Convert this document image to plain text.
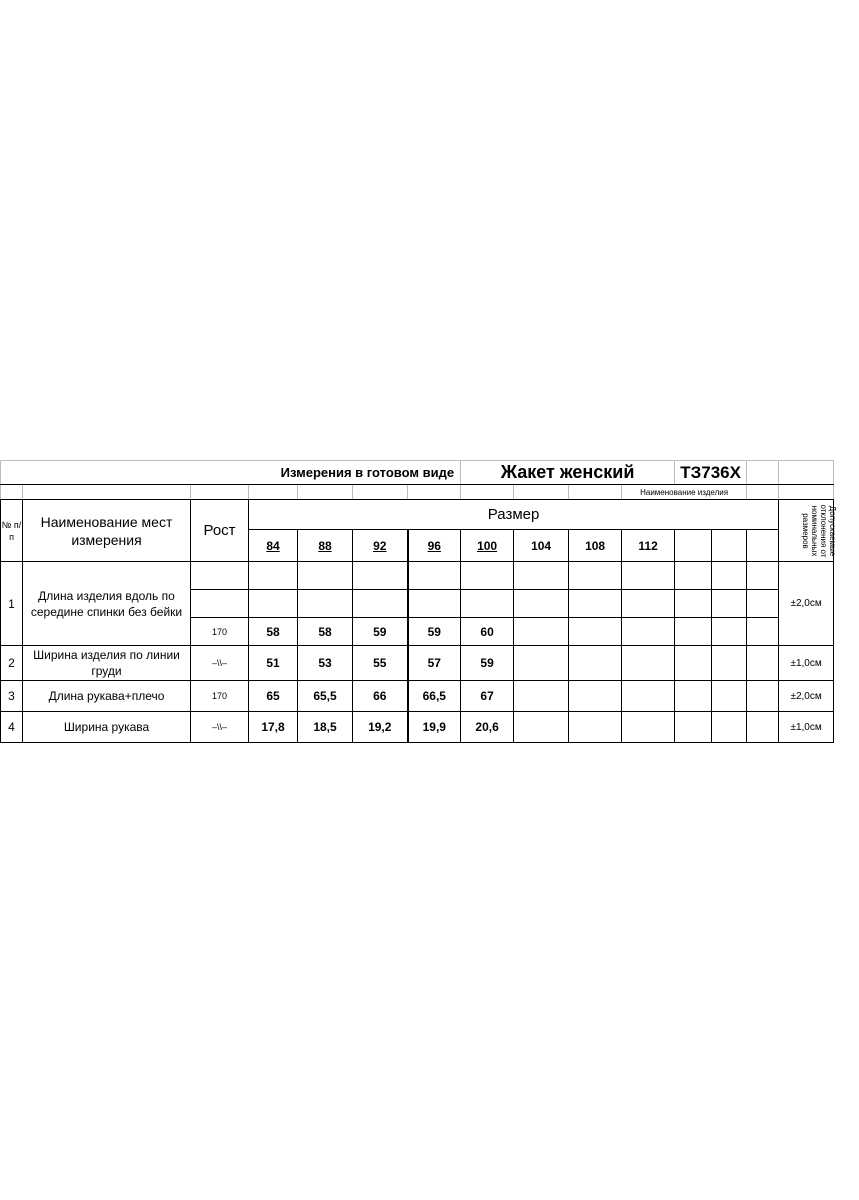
Измерения в готовом виде							Жакет женский				ТЗ736Х			
										Наименование изделия				
№ п/п	Наименование мест измерения	Рост	Размер											Допускаемые отклонения от номинальных размеров
			84	88	92	96	100	104	108	112				
1	Длина изделия вдоль по середине спинки без бейки													±2,0см

		170	58	58	59	59	60							
2	Ширина изделия по линии груди	–\\–	51	53	55	57	59							±1,0см
3	Длина рукава+плечо	170	65	65,5	66	66,5	67							±2,0см
4	Ширина рукава	–\\–	17,8	18,5	19,2	19,9	20,6							±1,0см
